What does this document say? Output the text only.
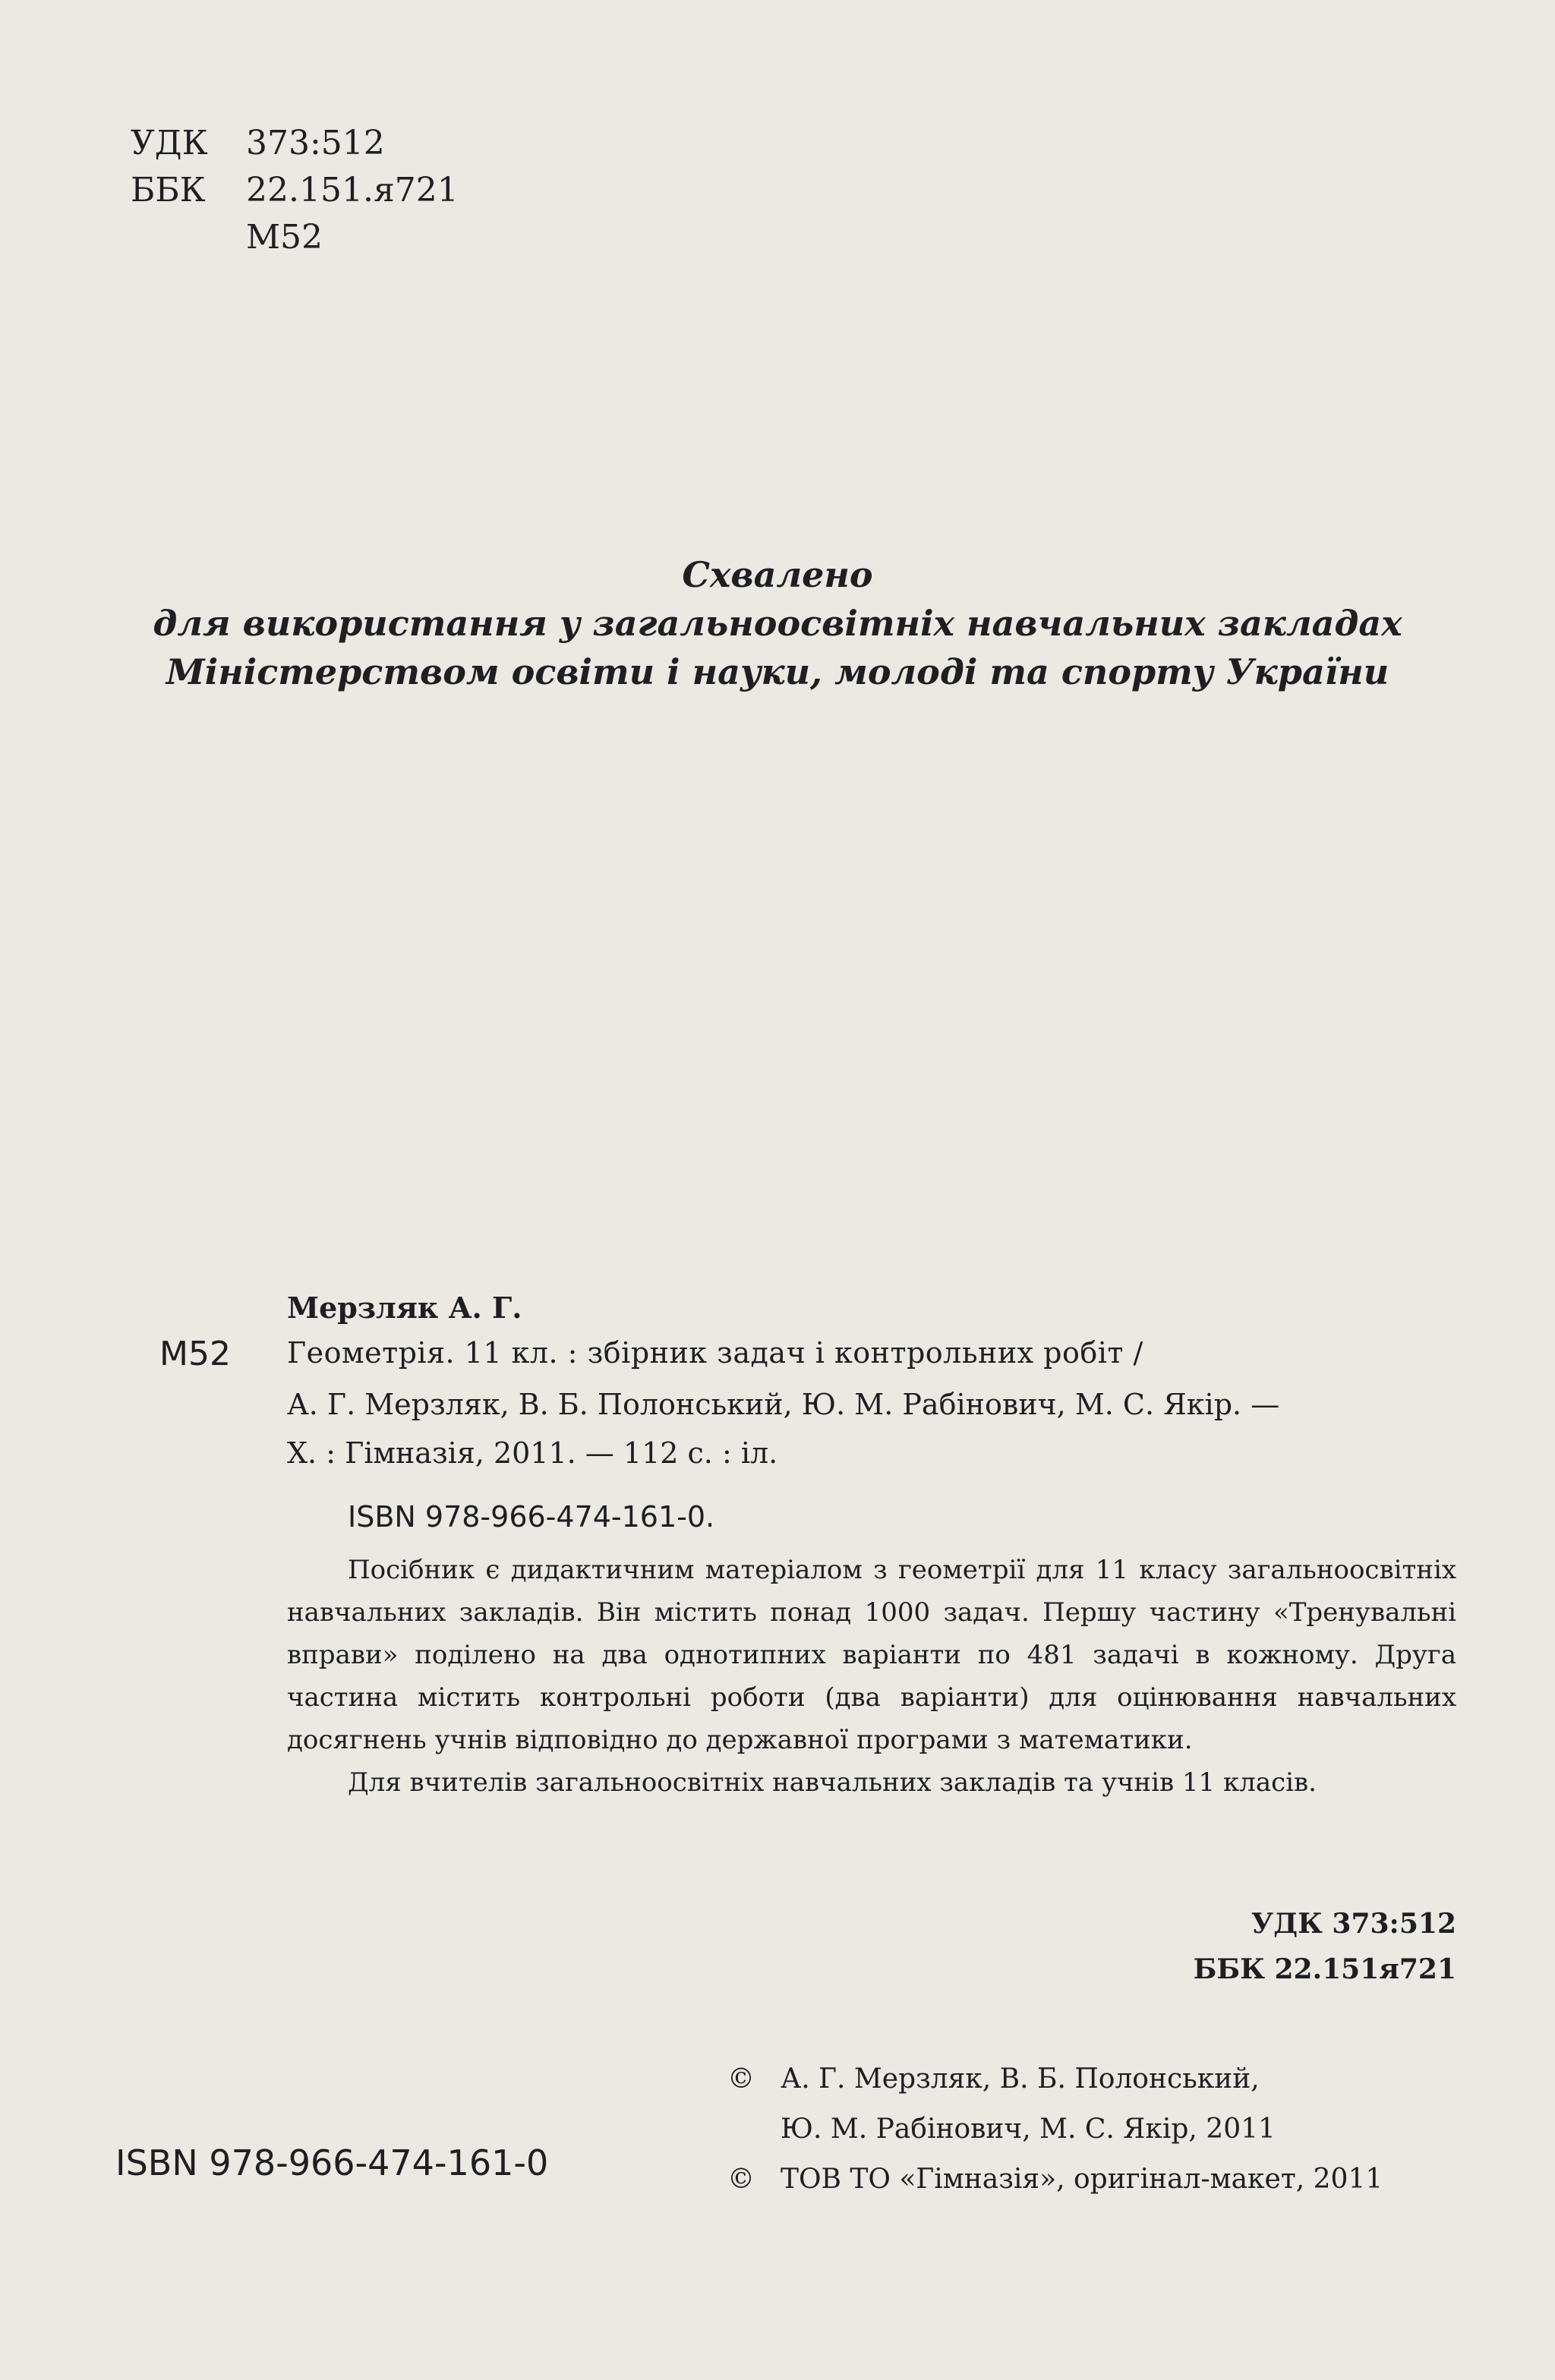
УДК	373:512
ББК	22.151.я721
М52
Схвалено
для використання у загальноосвітніх навчальних закладах
Міністерством освіти і науки, молоді та спорту України
Мерзляк А. Г.
М52 Геометрія. 11 кл. : збірник задач і контрольних робіт /
А. Г. Мерзляк, В. Б. Полонський, Ю. М. Рабінович, М. С. Якір. —
Х. : Гімназія, 2011. — 112 с. : іл.
ISBN 978-966-474-161-0.

Посібник є дидактичним матеріалом з геометрії для 11 класу загальноосвітніх навчальних закладів. Він містить понад 1000 задач. Першу частину «Тренувальні вправи» поділено на два однотипних варіанти по 481 задачі в кожному. Друга частина містить контрольні роботи (два варіанти) для оцінювання навчальних досягнень учнів відповідно до державної програми з математики.

Для вчителів загальноосвітніх навчальних закладів та учнів 11 класів.

УДК 373:512
ББК 22.151я721
© А. Г. Мерзляк, В. Б. Полонський,
Ю. М. Рабінович, М. С. Якір, 2011
© ТОВ ТО «Гімназія», оригінал-макет, 2011
ISBN 978-966-474-161-0
